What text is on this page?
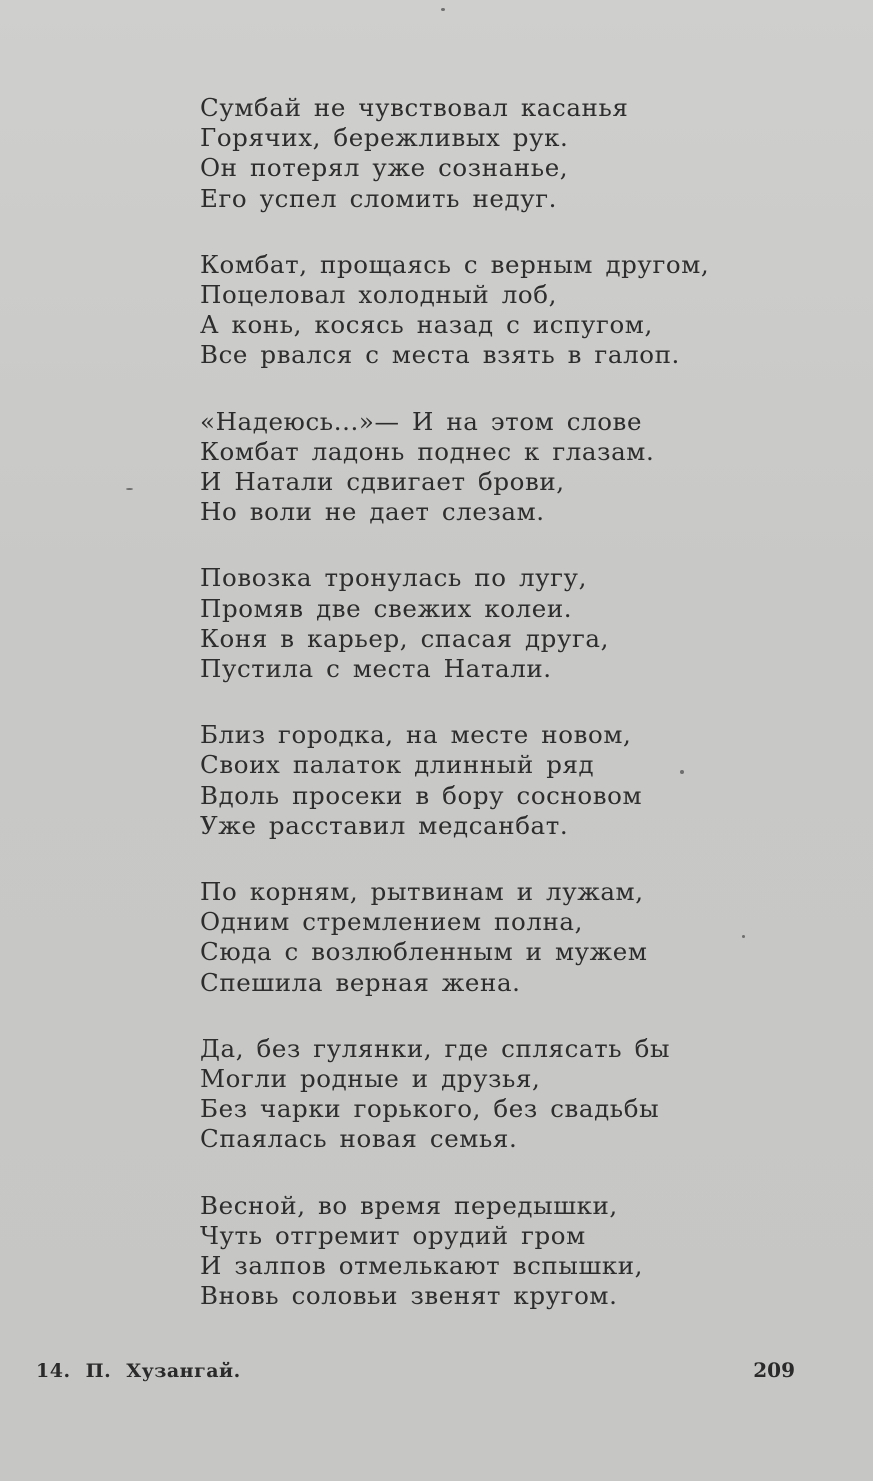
Сумбай не чувствовал касанья
Горячих, бережливых рук.
Он потерял уже сознанье,
Его успел сломить недуг.
Комбат, прощаясь с верным другом,
Поцеловал холодный лоб,
А конь, косясь назад с испугом,
Все рвался с места взять в галоп.
«Надеюсь...»— И на этом слове
Комбат ладонь поднес к глазам.
И Натали сдвигает брови,
Но воли не дает слезам.
Повозка тронулась по лугу,
Промяв две свежих колеи.
Коня в карьер, спасая друга,
Пустила с места Натали.
Близ городка, на месте новом,
Своих палаток длинный ряд
Вдоль просеки в бору сосновом
Уже расставил медсанбат.
По корням, рытвинам и лужам,
Одним стремлением полна,
Сюда с возлюбленным и мужем
Спешила верная жена.
Да, без гулянки, где сплясать бы
Могли родные и друзья,
Без чарки горького, без свадьбы
Спаялась новая семья.
Весной, во время передышки,
Чуть отгремит орудий гром
И залпов отмелькают вспышки,
Вновь соловьи звенят кругом.
14. П. Хузангай.	209
